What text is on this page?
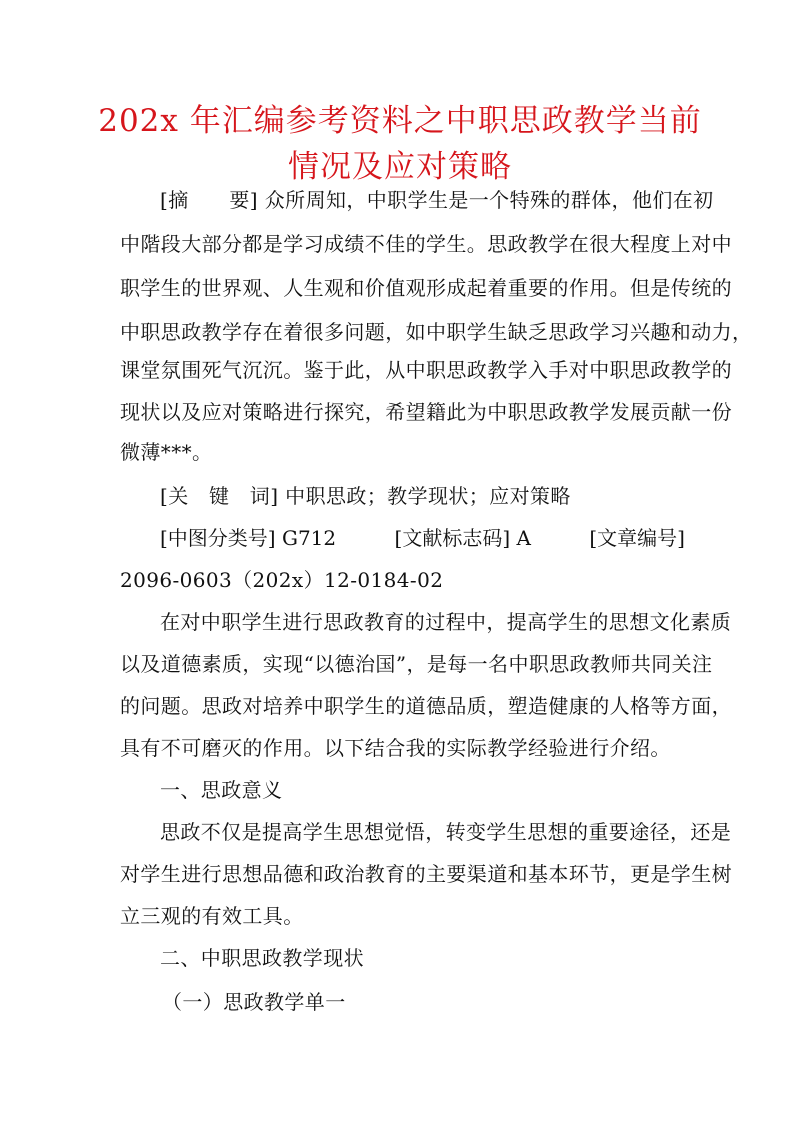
202x 年汇编参考资料之中职思政教学当前
情况及应对策略
[摘　　要] 众所周知，中职学生是一个特殊的群体，他们在初
中階段大部分都是学习成绩不佳的学生。思政教学在很大程度上对中
职学生的世界观、人生观和价值观形成起着重要的作用。但是传统的
中职思政教学存在着很多问题，如中职学生缺乏思政学习兴趣和动力，
课堂氛围死气沉沉。鉴于此，从中职思政教学入手对中职思政教学的
现状以及应对策略进行探究，希望籍此为中职思政教学发展贡献一份
微薄***。
[关　键　词] 中职思政；教学现状；应对策略
[中图分类号] G712	[文献标志码] A	[文章编号]
2096-0603（202x）12-0184-02
在对中职学生进行思政教育的过程中，提高学生的思想文化素质
以及道德素质，实现“以德治国”，是每一名中职思政教师共同关注
的问题。思政对培养中职学生的道德品质，塑造健康的人格等方面，
具有不可磨灭的作用。以下结合我的实际教学经验进行介绍。
一、思政意义
思政不仅是提高学生思想觉悟，转变学生思想的重要途径，还是
对学生进行思想品德和政治教育的主要渠道和基本环节，更是学生树
立三观的有效工具。
二、中职思政教学现状
（一）思政教学单一
